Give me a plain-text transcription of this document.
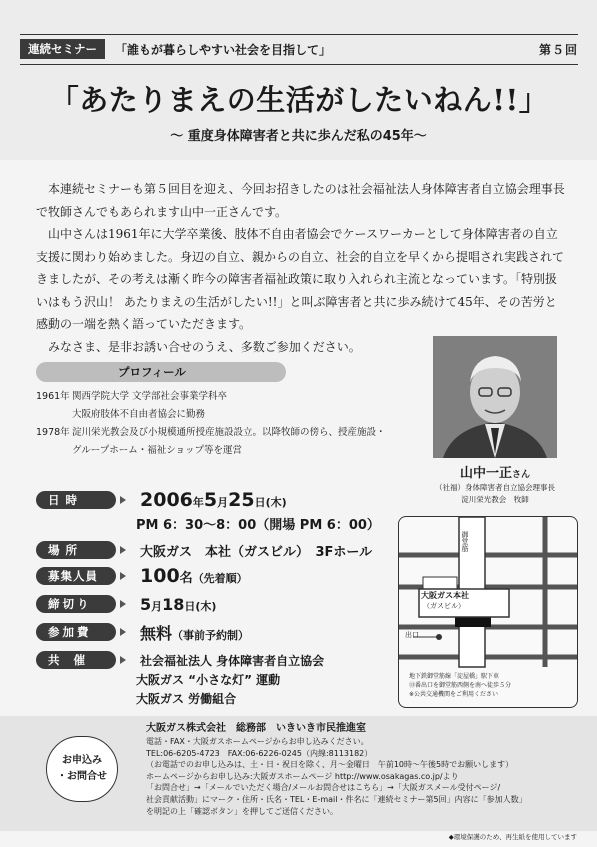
連続セミナー	「誰もが暮らしやすい社会を目指して」	第５回
「あたりまえの生活がしたいねん!!」
～ 重度身体障害者と共に歩んだ私の45年～

本連続セミナーも第５回目を迎え、今回お招きしたのは社会福祉法人身体障害者自立協会理事長で牧師さんでもあられます山中一正さんです。

山中さんは1961年に大学卒業後、肢体不自由者協会でケースワーカーとして身体障害者の自立支援に関わり始めました。身辺の自立、親からの自立、社会的自立を早くから提唱され実践されてきましたが、その考えは漸く昨今の障害者福祉政策に取り入れられ主流となっています。「特別扱いはもう沢山！ あたりまえの生活がしたい!!」と叫ぶ障害者と共に歩み続けて45年、その苦労と感動の一端を熱く語っていただきます。

みなさま、是非お誘い合せのうえ、多数ご参加ください。

プロフィール
1961年 関西学院大学 文学部社会事業学科卒
大阪府肢体不自由者協会に勤務
1978年 淀川栄光教会及び小規模通所授産施設設立。以降牧師の傍ら、授産施設・
グループホーム・福祉ショップ等を運営
山中一正さん
（社福）身体障害者自立協会理事長
淀川栄光教会　牧師
日時	2006年5月25日(木)
PM 6：30～8：00（開場 PM 6：00）
場所	大阪ガス　本社（ガスビル）　3Fホール
募集人員	100名（先着順）
締切り	5月18日(木)
参加費	無料（事前予約制）
共催	社会福祉法人 身体障害者自立協会
大阪ガス “小さな灯” 運動
大阪ガス 労働組合
御堂筋
大阪ガス本社
（ガスビル）
出口
地下鉄御堂筋線「淀屋橋」駅下車
⑬番出口を御堂筋西側を南へ徒歩５分
※公共交通機関をご利用ください
お申込み
・お問合せ
大阪ガス株式会社　総務部　いきいき市民推進室
電話・FAX・大阪ガスホームページからお申し込みください。
TEL:06-6205-4723　FAX:06-6226-0245（内線:8113182）
（お電話でのお申し込みは、土・日・祝日を除く、月～金曜日　午前10時～午後5時でお願いします）
ホームページからお申し込み:大阪ガスホームページ http://www.osakagas.co.jp/より
「お問合せ」→「メールでいただく場合/メールお問合せはこちら」→「大阪ガスメール受付ページ/
社会貢献活動」にマーク・住所・氏名・TEL・E-mail・件名に「連続セミナー第5回」内容に「参加人数」
を明記の上「確認ボタン」を押してご送信ください。
◆環境保護のため、再生紙を使用しています
